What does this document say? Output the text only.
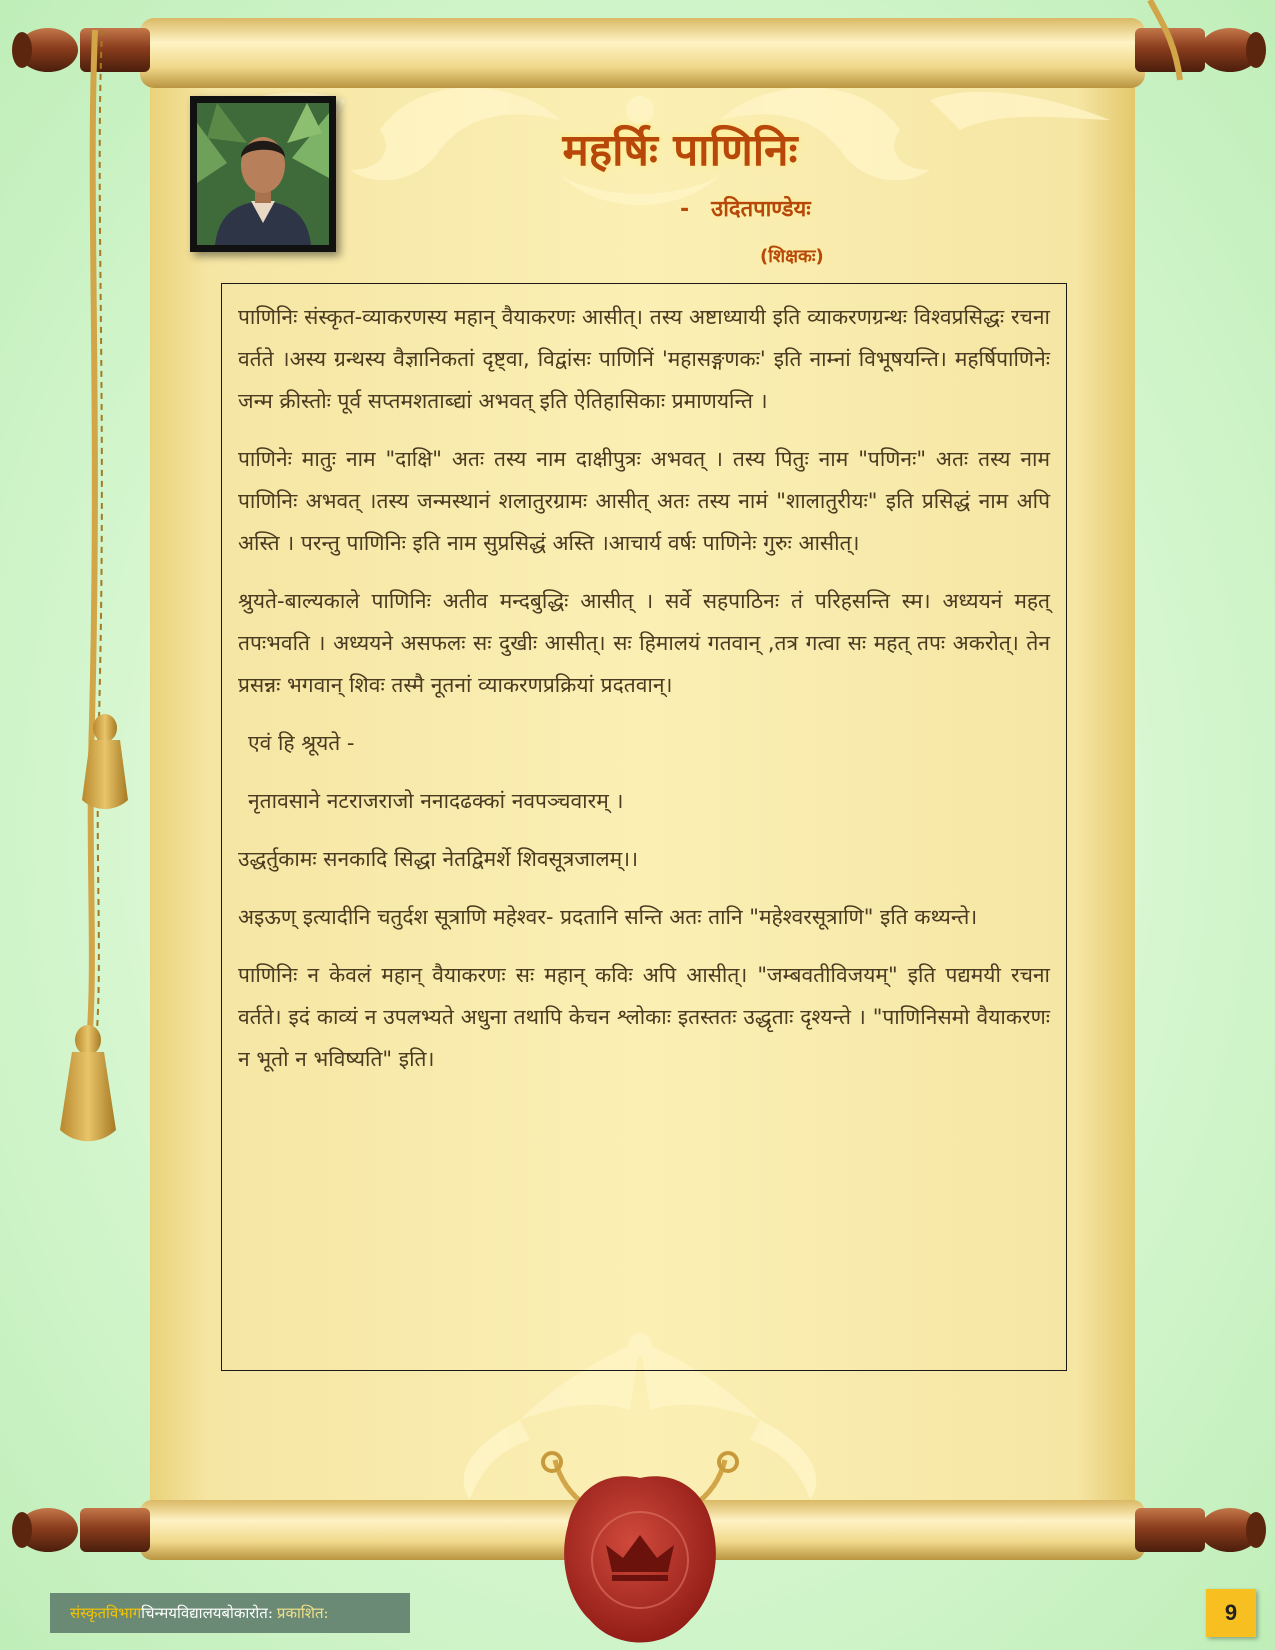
महर्षिः पाणिनिः
- उदितपाण्डेयः
(शिक्षकः)

पाणिनिः संस्कृत-व्याकरणस्य महान् वैयाकरणः आसीत्। तस्य अष्टाध्यायी इति व्याकरणग्रन्थः विश्वप्रसिद्धः रचना वर्तते ।अस्य ग्रन्थस्य वैज्ञानिकतां दृष्ट्वा, विद्वांसः पाणिनिं 'महासङ्गणकः' इति नाम्नां विभूषयन्ति। महर्षिपाणिनेः जन्म क्रीस्तोः पूर्व सप्तमशताब्द्यां अभवत् इति ऐतिहासिकाः प्रमाणयन्ति ।

पाणिनेः मातुः नाम "दाक्षि" अतः तस्य नाम दाक्षीपुत्रः अभवत् । तस्य पितुः नाम "पणिनः" अतः तस्य नाम पाणिनिः अभवत् ।तस्य जन्मस्थानं शलातुरग्रामः आसीत् अतः तस्य नामं "शालातुरीयः" इति प्रसिद्धं नाम अपि अस्ति । परन्तु पाणिनिः इति नाम सुप्रसिद्धं अस्ति ।आचार्य वर्षः पाणिनेः गुरुः आसीत्।

श्रुयते-बाल्यकाले पाणिनिः अतीव मन्दबुद्धिः आसीत् । सर्वे सहपाठिनः तं परिहसन्ति स्म। अध्ययनं महत् तपःभवति । अध्ययने असफलः सः दुखीः आसीत्। सः हिमालयं गतवान् ,तत्र गत्वा सः महत् तपः अकरोत्। तेन प्रसन्नः भगवान् शिवः तस्मै नूतनां व्याकरणप्रक्रियां प्रदतवान्।

एवं हि श्रूयते -

नृतावसाने नटराजराजो ननादढक्कां नवपञ्चवारम् ।

उद्धर्तुकामः सनकादि सिद्धा नेतद्विमर्शे शिवसूत्रजालम्।।

अइऊण् इत्यादीनि चतुर्दश सूत्राणि महेश्वर- प्रदतानि सन्ति अतः तानि "महेश्वरसूत्राणि" इति कथ्यन्ते।

पाणिनिः न केवलं महान् वैयाकरणः सः महान् कविः अपि आसीत्। "जम्बवतीविजयम्" इति पद्यमयी रचना वर्तते। इदं काव्यं न उपलभ्यते अधुना तथापि केचन श्लोकाः इतस्ततः उद्धृताः दृश्यन्ते । "पाणिनिसमो वैयाकरणः न भूतो न भविष्यति" इति।

संस्कृतविभाग चिन्मयविद्यालयबोकारोत: प्रकाशित:	9
